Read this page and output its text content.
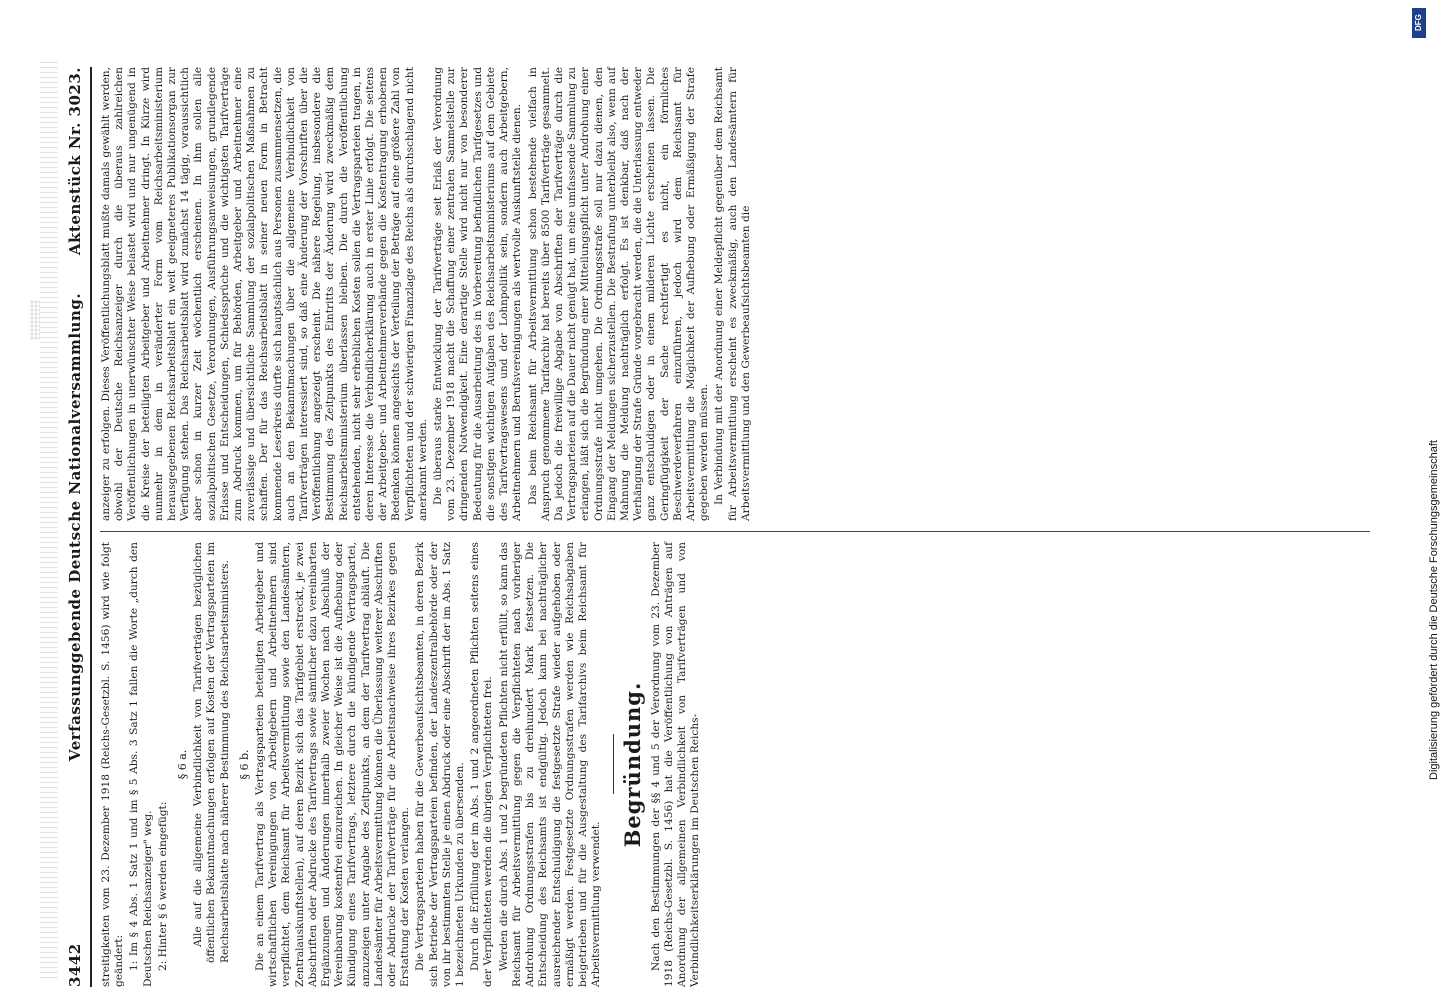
3442
Verfassunggebende Deutsche Nationalversammlung.
Aktenstück Nr. 3023.

streitigkeiten vom 23. Dezember 1918 (Reichs-Gesetzbl. S. 1456) wird wie folgt geändert: 1: Im § 4 Abs. 1 Satz 1 und im § 5 Abs. 3 Satz 1 fallen die Worte „durch den Deutschen Reichsanzeiger" weg. 2: Hinter § 6 werden eingefügt:

§ 6 a. Alle auf die allgemeine Verbindlichkeit von Tarifverträgen bezüglichen öffentlichen Bekanntmachungen erfolgen auf Kosten der Vertragsparteien im Reichsarbeitsblatte nach näherer Bestimmung des Reichsarbeitsministers. § 6 b. Die an einem Tarifvertrag als Vertragsparteien beteiligten Arbeitgeber und wirtschaftlichen Vereinigungen von Arbeitgebern und Arbeitnehmern sind verpflichtet, dem Reichsamt für Arbeitsvermittlung sowie den Landesämtern, Zentralauskunftstellen), auf deren Bezirk sich das Tarifgebiet erstreckt, je zwei Abschriften oder Abdrucke des Tarifvertrags sowie sämtlicher dazu vereinbarten Ergänzungen und Änderungen innerhalb zweier Wochen nach Abschluß der Vereinbarung kostenfrei einzureichen. In gleicher Weise ist die Aufhebung oder Kündigung eines Tarifvertrags, letztere durch die kündigende Vertragspartei, anzuzeigen unter Angabe des Zeitpunkts, an dem der Tarifvertrag abläuft. Die Landesämter für Arbeitsvermittlung können die Überlassung weiterer Abschriften oder Abdrucke der Tarifverträge für die Arbeitsnachweise ihres Bezirkes gegen Erstattung der Kosten verlangen. Die Vertragsparteien haben für die Gewerbeaufsichtsbeamten, in deren Bezirk sich Betriebe der Vertragsparteien befinden, der Landeszentralbehörde oder der von ihr bestimmten Stelle je einen Abdruck oder eine Abschrift der im Abs. 1 Satz 1 bezeichneten Urkunden zu übersenden. Durch die Erfüllung der im Abs. 1 und 2 angeordneten Pflichten seitens eines der Verpflichteten werden die übrigen Verpflichteten frei. Werden die durch Abs. 1 und 2 begründeten Pflichten nicht erfüllt, so kann das Reichsamt für Arbeitsvermittlung gegen die Verpflichteten nach vorheriger Androhung Ordnungsstrafen bis zu dreihundert Mark festsetzen. Die Entscheidung des Reichsamts ist endgültig. Jedoch kann bei nachträglicher ausreichender Entschuldigung die festgesetzte Strafe wieder aufgehoben oder ermäßigt werden. Festgesetzte Ordnungsstrafen werden wie Reichsabgaben beigetrieben und für die Ausgestaltung des Tarifarchivs beim Reichsamt für Arbeitsvermittlung verwendet.

Begründung. Nach den Bestimmungen der §§ 4 und 5 der Verordnung vom 23. Dezember 1918 (Reichs-Gesetzbl. S. 1456) hat die Veröffentlichung von Anträgen auf Anordnung der allgemeinen Verbindlichkeit von Tarifverträgen und von Verbindlichkeitserklärungen im Deutschen Reichs-

anzeiger zu erfolgen. Dieses Veröffentlichungsblatt mußte damals gewählt werden, obwohl der Deutsche Reichsanzeiger durch die überaus zahlreichen Veröffentlichungen in unerwünschter Weise belastet wird und nur ungenügend in die Kreise der beteiligten Arbeitgeber und Arbeitnehmer dringt. In Kürze wird nunmehr in dem in veränderter Form vom Reichsarbeitsministerium herausgegebenen Reichsarbeitsblatt ein weit geeigneteres Publikationsorgan zur Verfügung stehen. Das Reichsarbeitsblatt wird zunächst 14 tägig, voraussichtlich aber schon in kurzer Zeit wöchentlich erscheinen. In ihm sollen alle sozialpolitischen Gesetze, Verordnungen, Ausführungsanweisungen, grundlegende Erlasse und Entscheidungen, Schiedssprüche und die wichtigsten Tarifverträge zum Abdruck kommen, um für Behörden, Arbeitgeber und Arbeitnehmer eine zuverlässige und übersichtliche Sammlung der sozialpolitischen Maßnahmen zu schaffen. Der für das Reichsarbeitsblatt in seiner neuen Form in Betracht kommende Leserkreis dürfte sich hauptsächlich aus Personen zusammensetzen, die auch an den Bekanntmachungen über die allgemeine Verbindlichkeit von Tarifverträgen interessiert sind, so daß eine Änderung der Vorschriften über die Veröffentlichung angezeigt erscheint. Die nähere Regelung, insbesondere die Bestimmung des Zeitpunkts des Eintritts der Änderung wird zweckmäßig dem Reichsarbeitsministerium überlassen bleiben. Die durch die Veröffentlichung entstehenden, nicht sehr erheblichen Kosten sollen die Vertragsparteien tragen, in deren Interesse die Verbindlicherklärung auch in erster Linie erfolgt. Die seitens der Arbeitgeber- und Arbeitnehmerverbände gegen die Kostentragung erhobenen Bedenken können angesichts der Verteilung der Beträge auf eine größere Zahl von Verpflichteten und der schwierigen Finanzlage des Reichs als durchschlagend nicht anerkannt werden. Die überaus starke Entwicklung der Tarifverträge seit Erlaß der Verordnung vom 23. Dezember 1918 macht die Schaffung einer zentralen Sammelstelle zur dringenden Notwendigkeit. Eine derartige Stelle wird nicht nur von besonderer Bedeutung für die Ausarbeitung des in Vorbereitung befindlichen Tarifgesetzes und die sonstigen wichtigen Aufgaben des Reichsarbeitsministeriums auf dem Gebiete des Tarifvertragswesens und der Lohnpolitik sein, sondern auch Arbeitgebern, Arbeitnehmern und Berufsvereinigungen als wertvolle Auskunftstelle dienen. Das beim Reichsamt für Arbeitsvermittlung schon bestehende vielfach in Anspruch genommene Tarifarchiv hat bereits über 8500 Tarifverträge gesammelt. Da jedoch die freiwillige Abgabe von Abschriften der Tarifverträge durch die Vertragsparteien auf die Dauer nicht genügt hat, um eine umfassende Sammlung zu erlangen, läßt sich die Begründung einer Mitteilungspflicht unter Androhung einer Ordnungsstrafe nicht umgehen. Die Ordnungsstrafe soll nur dazu dienen, den Eingang der Meldungen sicherzustellen. Die Bestrafung unterbleibt also, wenn auf Mahnung die Meldung nachträglich erfolgt. Es ist denkbar, daß nach der Verhängung der Strafe Gründe vorgebracht werden, die die Unterlassung entweder ganz entschuldigen oder in einem milderen Lichte erscheinen lassen. Die Geringfügigkeit der Sache rechtfertigt es nicht, ein förmliches Beschwerdeverfahren einzuführen, jedoch wird dem Reichsamt für Arbeitsvermittlung die Möglichkeit der Aufhebung oder Ermäßigung der Strafe gegeben werden müssen. In Verbindung mit der Anordnung einer Meldepflicht gegenüber dem Reichsamt für Arbeitsvermittlung erscheint es zweckmäßig, auch den Landesämtern für Arbeitsvermittlung und den Gewerbeaufsichtsbeamten die

DFG
Digitalisierung gefördert durch die Deutsche Forschungsgemeinschaft
